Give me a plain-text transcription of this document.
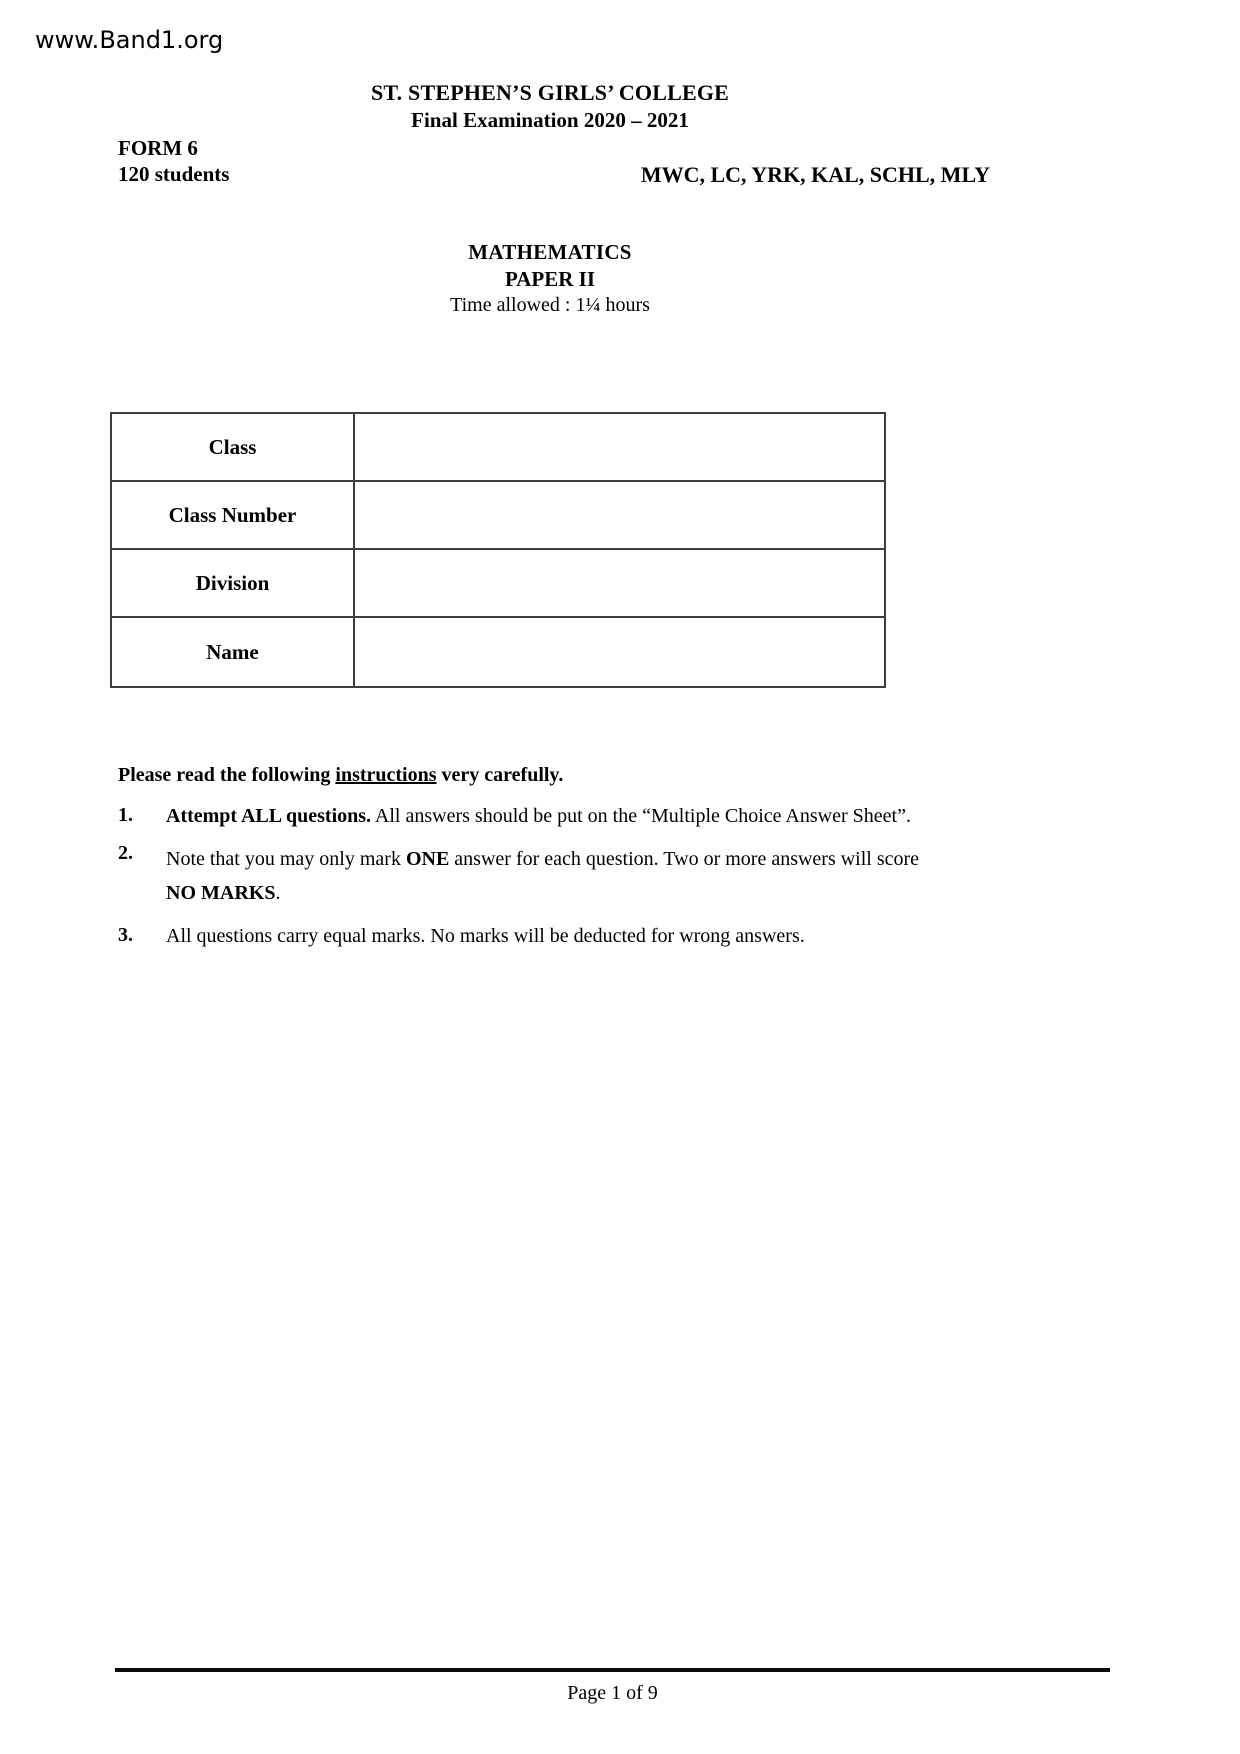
www.Band1.org
ST. STEPHEN’S GIRLS’ COLLEGE
Final Examination 2020 – 2021
FORM 6
120 students	MWC, LC, YRK, KAL, SCHL, MLY
MATHEMATICS
PAPER II
Time allowed : 1¼ hours
Class
Class Number
Division
Name
Please read the following instructions very carefully.
1.	Attempt ALL questions. All answers should be put on the “Multiple Choice Answer Sheet”.
2.	Note that you may only mark ONE answer for each question. Two or more answers will score
NO MARKS.
3.	All questions carry equal marks. No marks will be deducted for wrong answers.
Page 1 of 9
